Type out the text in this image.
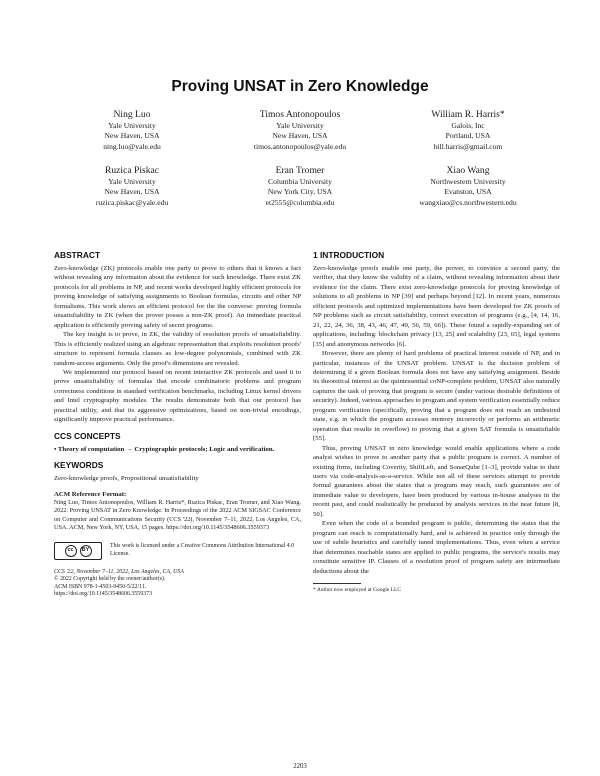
Proving UNSAT in Zero Knowledge
Ning Luo
Yale University
New Haven, USA
ning.luo@yale.edu
Timos Antonopoulos
Yale University
New Haven, USA
timos.antonopoulos@yale.edu
William R. Harris*
Galois, Inc
Portland, USA
bill.harris@gmail.com
Ruzica Piskac
Yale University
New Haven, USA
ruzica.piskac@yale.edu
Eran Tromer
Columbia University
New York City, USA
et2555@columbia.edu
Xiao Wang
Northwestern University
Evanston, USA
wangxiao@cs.northwestern.edu
ABSTRACT

Zero-knowledge (ZK) protocols enable one party to prove to others that it knows a fact without revealing any information about the evidence for such knowledge. There exist ZK protocols for all problems in NP, and recent works developed highly efficient protocols for proving knowledge of satisfying assignments to Boolean formulas, circuits and other NP formalisms. This work shows an efficient protocol for the the converse: proving formula unsatisfiability in ZK (when the prover posses a non-ZK proof). An immediate practical application is efficiently proving safety of secret programs.

The key insight is to prove, in ZK, the validity of resolution proofs of unsatisfiability. This is efficiently realized using an algebraic representation that exploits resolution proofs' structure to represent formula clauses as low-degree polynomials, combined with ZK random-access arguments. Only the proof's dimensions are revealed.

We implemented our protocol based on recent interactive ZK protocols and used it to prove unsatisfiability of formulas that encode combinatoric problems and program correctness conditions in standard verification benchmarks, including Linux kernel drivers and Intel cryptography modules. The results demonstrate both that our protocol has practical utility, and that its aggressive optimizations, based on non-trivial encodings, significantly improve practical performance.

CCS CONCEPTS

• Theory of computation → Cryptographic protocols; Logic and verification.

KEYWORDS

Zero-knowledge proofs, Propositional unsatisfiability

ACM Reference Format:

Ning Luo, Timos Antonopoulos, William R. Harris*, Ruzica Piskac, Eran Tromer, and Xiao Wang. 2022. Proving UNSAT in Zero Knowledge. In Proceedings of the 2022 ACM SIGSAC Conference on Computer and Communications Security (CCS '22), November 7–11, 2022, Los Angeles, CA, USA. ACM, New York, NY, USA, 15 pages. https://doi.org/10.1145/3548606.3559373

cc	BY
This work is licensed under a Creative Commons Attribution International 4.0 License.
CCS '22, November 7–11, 2022, Los Angeles, CA, USA
© 2022 Copyright held by the owner/author(s).
ACM ISBN 978-1-4503-9450-5/22/11.
https://doi.org/10.1145/3548606.3559373
1 INTRODUCTION

Zero-knowledge proofs enable one party, the prover, to convince a second party, the verifier, that they know the validity of a claim, without revealing information about their evidence for the claim. There exist zero-knowledge protocols for proving knowledge of solutions to all problems in NP [39] and perhaps beyond [12]. In recent years, numerous efficient protocols and optimized implementations have been developed for ZK proofs of NP problems such as circuit satisfiability, correct execution of programs (e.g., [4, 14, 16, 21, 22, 24, 36, 38, 43, 46, 47, 49, 56, 59, 66]). These found a rapidly-expanding set of applications, including: blockchain privacy [13, 25] and scalability [23, 65], legal systems [35] and anonymous networks [6].

However, there are plenty of hard problems of practical interest outside of NP, and in particular, instances of the UNSAT problem. UNSAT is the decision problem of determining if a given Boolean formula does not have any satisfying assignment. Beside its theoretical interest as the quintessential coNP-complete problem, UNSAT also naturally captures the task of proving that program is secure (under various desirable definitions of security). Indeed, various approaches to program and system verification essentially reduce program verification (specifically, proving that a program does not reach an undesired state, e.g. in which the program accesses memory incorrectly or performs an arithmetic operation that results in overflow) to proving that a given SAT formula is unsatisfiable [55].

Thus, proving UNSAT in zero knowledge would enable applications where a code analyst wishes to prove to another party that a public program is correct. A number of existing firms, including Coverity, ShiftLeft, and SonarQube [1–3], provide value to their users via code-analysis-as-a-service. While not all of these services attempt to provide formal guarantees about the states that a program may reach, such guarantees are of immediate value to developers, have been produced by various in-house analyses in the recent past, and could realistically be produced by analysis services in the near future [8, 50].

Even when the code of a bounded program is public, determining the states that the program can reach is computationally hard, and is achieved in practice only through the use of subtle heuristics and carefully tuned implementations. Thus, even when a service that determines reachable states are applied to public programs, the service's results may constitute sensitive IP. Clauses of a resolution proof of program safety are intermediate deductions about the

* Author now employed at Google LLC
2203
